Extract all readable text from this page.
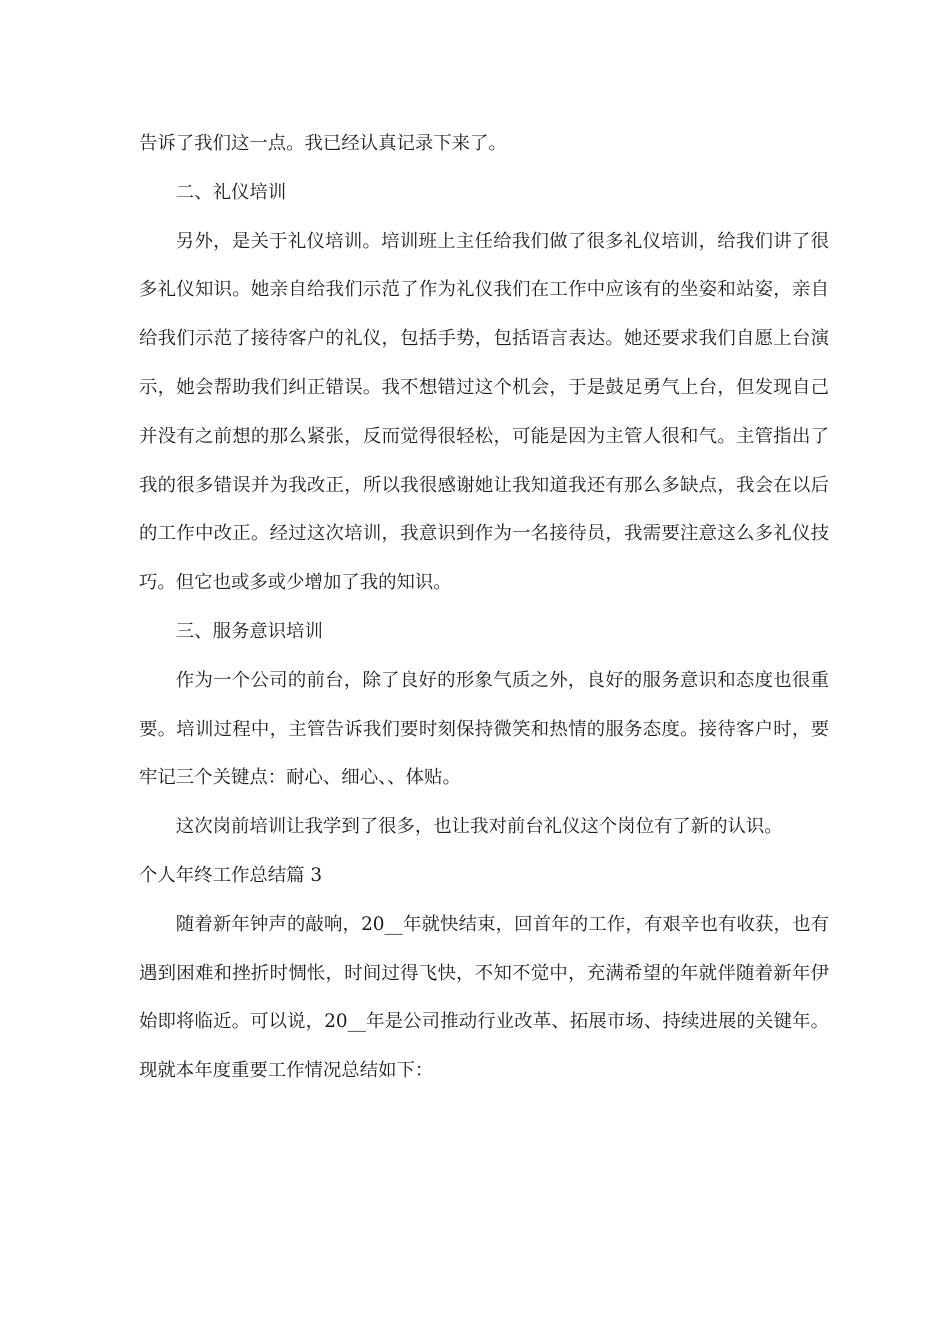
告诉了我们这一点。我已经认真记录下来了。

二、礼仪培训

另外，是关于礼仪培训。培训班上主任给我们做了很多礼仪培训，给我们讲了很多礼仪知识。她亲自给我们示范了作为礼仪我们在工作中应该有的坐姿和站姿，亲自给我们示范了接待客户的礼仪，包括手势，包括语言表达。她还要求我们自愿上台演示，她会帮助我们纠正错误。我不想错过这个机会，于是鼓足勇气上台，但发现自己并没有之前想的那么紧张，反而觉得很轻松，可能是因为主管人很和气。主管指出了我的很多错误并为我改正，所以我很感谢她让我知道我还有那么多缺点，我会在以后的工作中改正。经过这次培训，我意识到作为一名接待员，我需要注意这么多礼仪技巧。但它也或多或少增加了我的知识。

三、服务意识培训

作为一个公司的前台，除了良好的形象气质之外，良好的服务意识和态度也很重要。培训过程中，主管告诉我们要时刻保持微笑和热情的服务态度。接待客户时，要牢记三个关键点：耐心、细心、、体贴。

这次岗前培训让我学到了很多，也让我对前台礼仪这个岗位有了新的认识。

个人年终工作总结篇 3

随着新年钟声的敲响，20__年就快结束，回首年的工作，有艰辛也有收获，也有遇到困难和挫折时惆怅，时间过得飞快，不知不觉中，充满希望的年就伴随着新年伊始即将临近。可以说，20__年是公司推动行业改革、拓展市场、持续进展的关键年。现就本年度重要工作情况总结如下：
